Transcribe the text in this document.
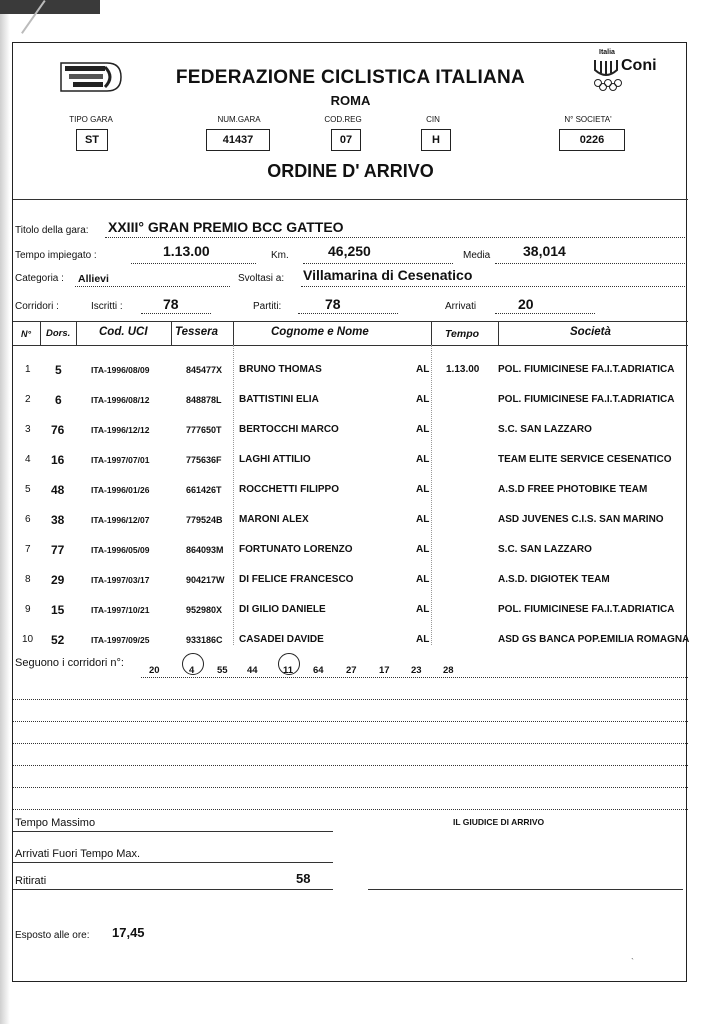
FEDERAZIONE CICLISTICA ITALIANA
ROMA
Italia
Coni
TIPO GARA
ST
NUM.GARA
41437
COD.REG
07
CIN
H
N° SOCIETA'
0226
ORDINE D' ARRIVO
Titolo della gara: XXIII° GRAN PREMIO BCC GATTEO
Tempo impiegato :	1.13.00	Km.	46,250	Media 38,014
Categoria : Allievi	Svoltasi a: Villamarina di Cesenatico
Corridori :	Iscritti :	78	Partiti:	78	Arrivati	20
N° Dors. Cod. UCI Tessera	Cognome e Nome	Tempo	Società
1 5	ITA-1996/08/09	845477X BRUNO THOMAS	AL 1.13.00 POL. FIUMICINESE FA.I.T.ADRIATICA
2 6	ITA-1996/08/12	848878L BATTISTINI ELIA	AL	POL. FIUMICINESE FA.I.T.ADRIATICA
3 76	ITA-1996/12/12	777650T BERTOCCHI MARCO	AL	S.C. SAN LAZZARO
4 16	ITA-1997/07/01	775636F LAGHI ATTILIO	AL	TEAM ELITE SERVICE CESENATICO
5 48	ITA-1996/01/26	661426T ROCCHETTI FILIPPO	AL	A.S.D FREE PHOTOBIKE TEAM
6 38	ITA-1996/12/07	779524B MARONI ALEX	AL	ASD JUVENES C.I.S. SAN MARINO
7 77	ITA-1996/05/09	864093M FORTUNATO LORENZO	AL	S.C. SAN LAZZARO
8 29	ITA-1997/03/17	904217W DI FELICE FRANCESCO	AL	A.S.D. DIGIOTEK TEAM
9 15	ITA-1997/10/21	952980X DI GILIO DANIELE	AL	POL. FIUMICINESE FA.I.T.ADRIATICA
10 52	ITA-1997/09/25	933186C CASADEI DAVIDE	AL	ASD GS BANCA POP.EMILIA ROMAGNA
Seguono i corridori n°:
20	4 55 44	11 64 27 17 23 28
Tempo Massimo	IL GIUDICE DI ARRIVO
Arrivati Fuori Tempo Max.
Ritirati	58
Esposto alle ore: 17,45
`
